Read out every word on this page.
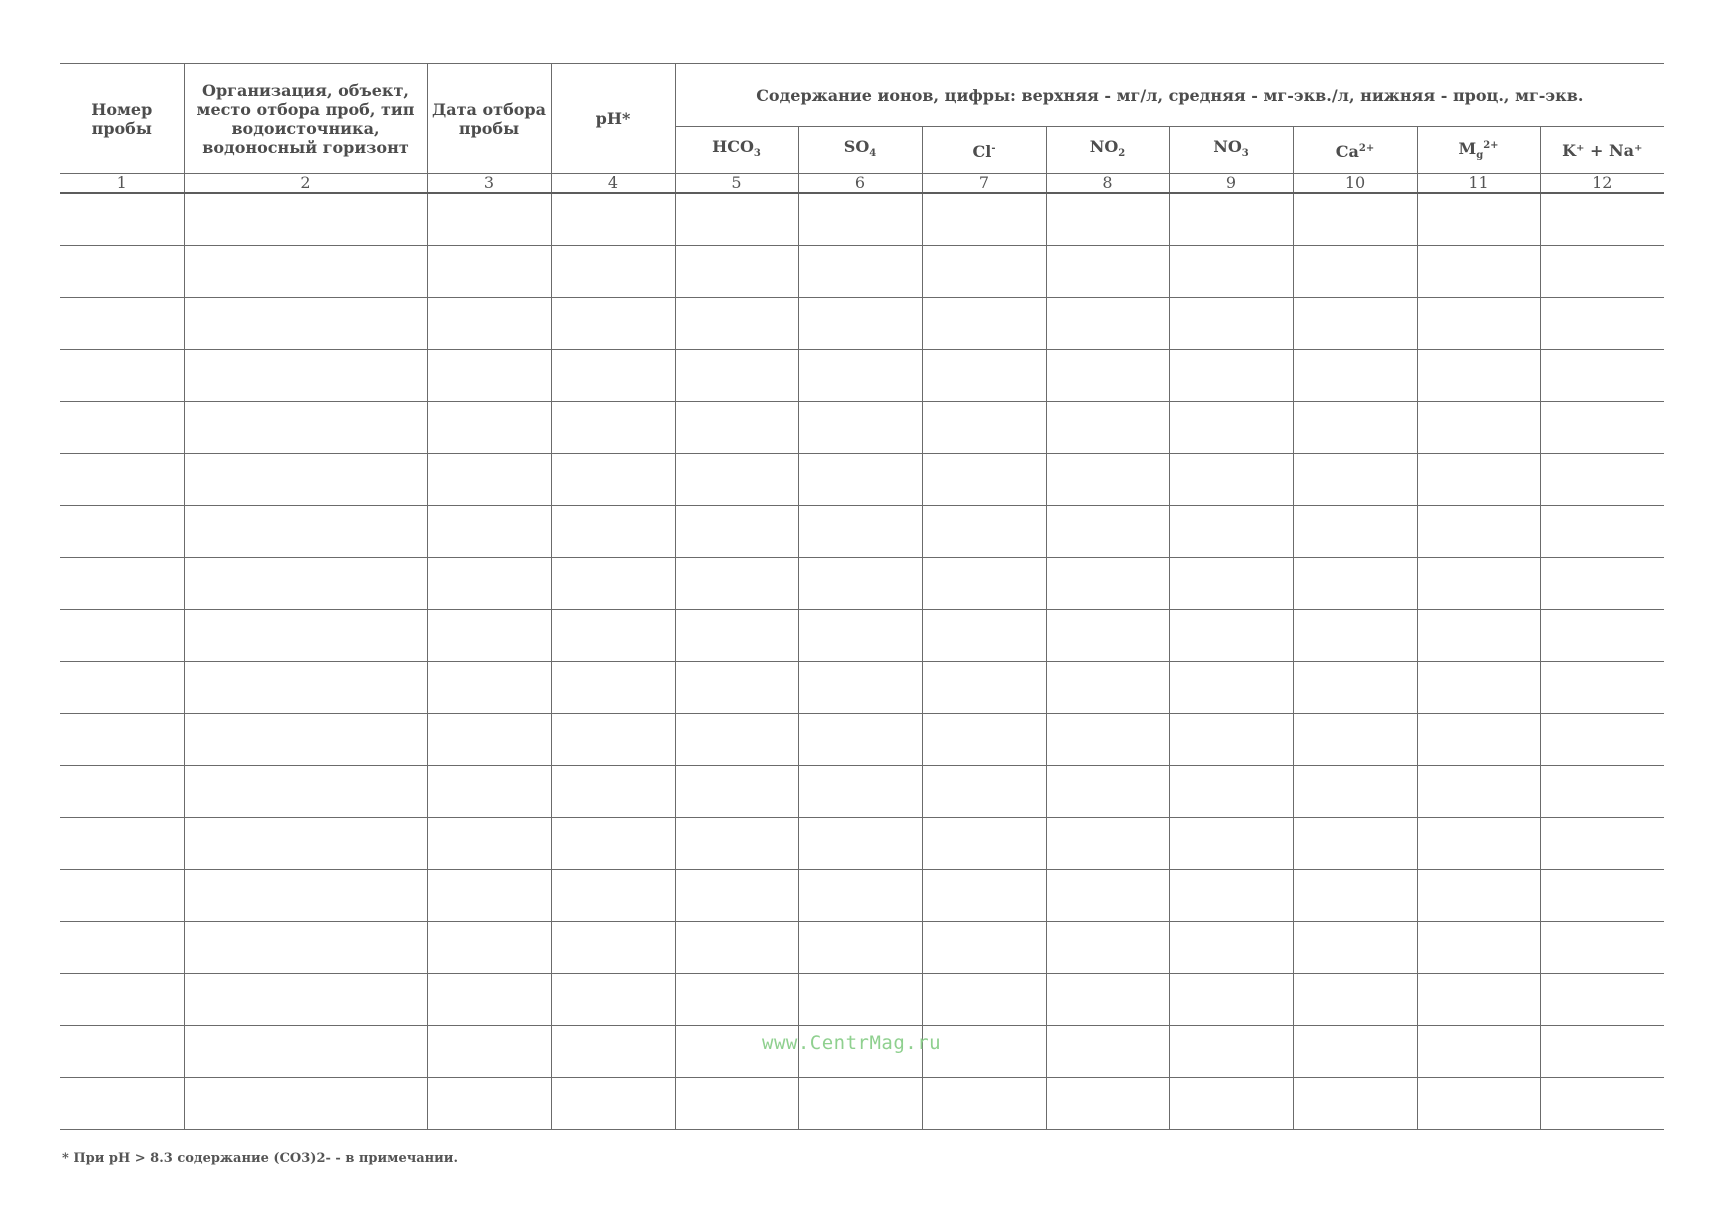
Номер пробы	Организация, объект, место отбора проб, тип водоисточника, водоносный горизонт	Дата отбора пробы	pH*	Содержание ионов, цифры: верхняя - мг/л, средняя - мг-экв./л, нижняя - проц., мг-экв.							
				$HCO_3$	$SO_4$	Cl-	$NO_2$	$NO_3$	$Ca^{2+}$	$M_g^{2+}$	K⁺ + Na⁺
1	2	3	4	5	6	7	8	9	10	11	12

www.CentrMag.ru
* При pH > 8.3 содержание (CO3)2- - в примечании.
